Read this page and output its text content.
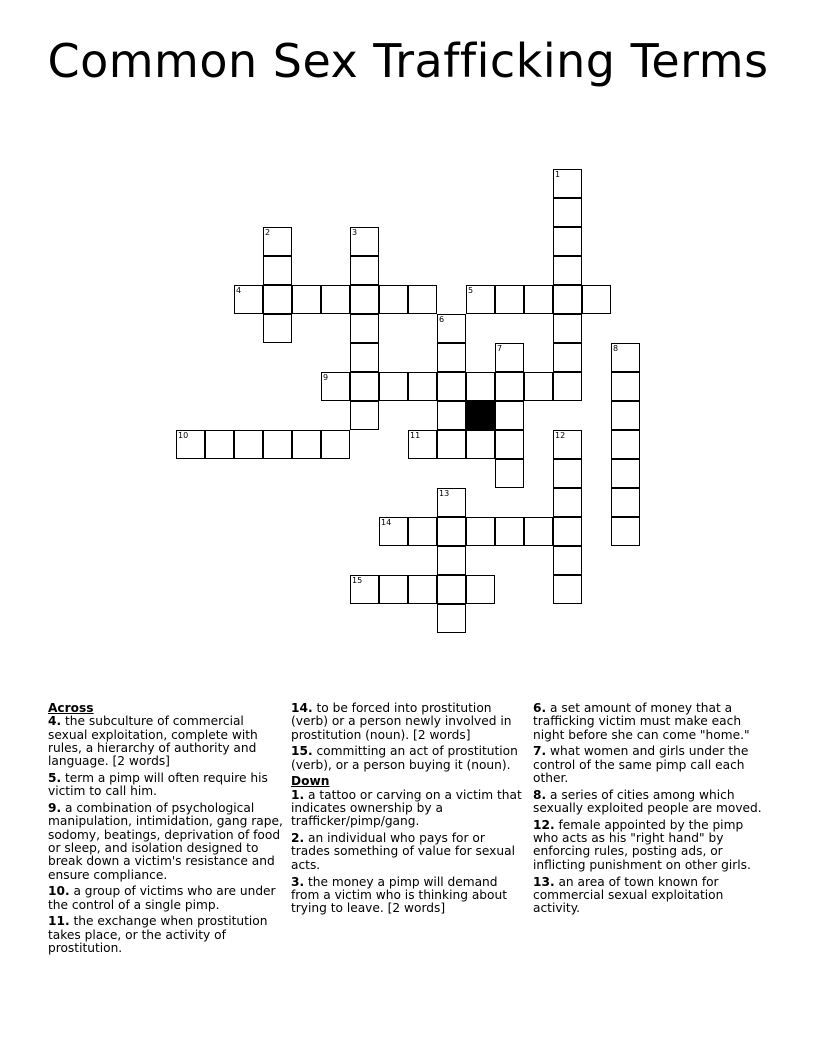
Common Sex Trafficking Terms
1
2	3
4	5
6
7	8
9
10	11	12
13
14
15

Across

4. the subculture of commercial sexual exploitation, complete with rules, a hierarchy of authority and language. [2 words]

5. term a pimp will often require his victim to call him.

9. a combination of psychological manipulation, intimidation, gang rape, sodomy, beatings, deprivation of food or sleep, and isolation designed to break down a victim's resistance and ensure compliance.

10. a group of victims who are under the control of a single pimp.

11. the exchange when prostitution takes place, or the activity of prostitution.

14. to be forced into prostitution (verb) or a person newly involved in prostitution (noun). [2 words]

15. committing an act of prostitution (verb), or a person buying it (noun).

Down

1. a tattoo or carving on a victim that indicates ownership by a trafficker/pimp/gang.

2. an individual who pays for or trades something of value for sexual acts.

3. the money a pimp will demand from a victim who is thinking about trying to leave. [2 words]

6. a set amount of money that a trafficking victim must make each night before she can come "home."

7. what women and girls under the control of the same pimp call each other.

8. a series of cities among which sexually exploited people are moved.

12. female appointed by the pimp who acts as his "right hand" by enforcing rules, posting ads, or inflicting punishment on other girls.

13. an area of town known for commercial sexual exploitation activity.
